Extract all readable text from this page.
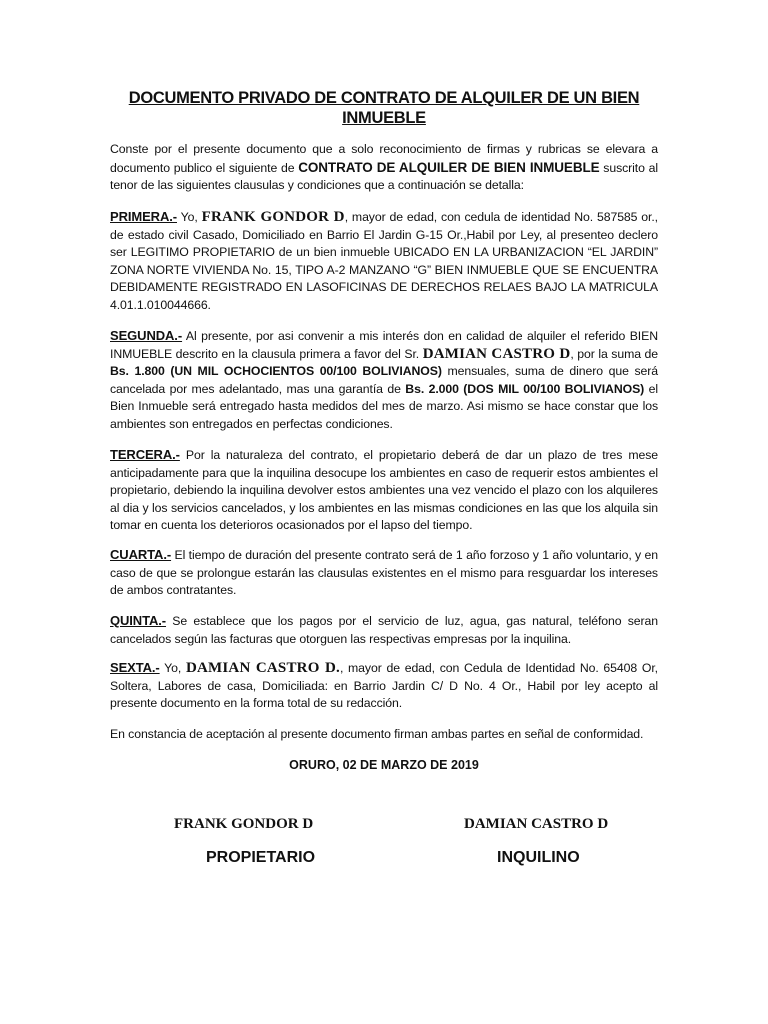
DOCUMENTO PRIVADO DE CONTRATO DE ALQUILER DE UN BIEN
INMUEBLE
Conste por el presente documento que a solo reconocimiento de firmas y rubricas se elevara a documento publico el siguiente de CONTRATO DE ALQUILER DE BIEN INMUEBLE suscrito al tenor de las siguientes clausulas y condiciones que a continuación se detalla:
PRIMERA.- Yo, FRANK GONDOR D, mayor de edad, con cedula de identidad No. 587585 or., de estado civil Casado, Domiciliado en Barrio El Jardin G-15 Or.,Habil por Ley, al presenteo declero ser LEGITIMO PROPIETARIO de un bien inmueble UBICADO EN LA URBANIZACION “EL JARDIN” ZONA NORTE VIVIENDA No. 15, TIPO A-2 MANZANO “G” BIEN INMUEBLE QUE SE ENCUENTRA DEBIDAMENTE REGISTRADO EN LASOFICINAS DE DERECHOS RELAES BAJO LA MATRICULA 4.01.1.010044666.
SEGUNDA.- Al presente, por asi convenir a mis interés don en calidad de alquiler el referido BIEN INMUEBLE descrito en la clausula primera a favor del Sr. DAMIAN CASTRO D, por la suma de Bs. 1.800 (UN MIL OCHOCIENTOS 00/100 BOLIVIANOS) mensuales, suma de dinero que será cancelada por mes adelantado, mas una garantía de Bs. 2.000 (DOS MIL 00/100 BOLIVIANOS) el Bien Inmueble será entregado hasta medidos del mes de marzo. Asi mismo se hace constar que los ambientes son entregados en perfectas condiciones.
TERCERA.- Por la naturaleza del contrato, el propietario deberá de dar un plazo de tres mese anticipadamente para que la inquilina desocupe los ambientes en caso de requerir estos ambientes el propietario, debiendo la inquilina devolver estos ambientes una vez vencido el plazo con los alquileres al dia y los servicios cancelados, y los ambientes en las mismas condiciones en las que los alquila sin tomar en cuenta los deterioros ocasionados por el lapso del tiempo.
CUARTA.- El tiempo de duración del presente contrato será de 1 año forzoso y 1 año voluntario, y en caso de que se prolongue estarán las clausulas existentes en el mismo para resguardar los intereses de ambos contratantes.
QUINTA.- Se establece que los pagos por el servicio de luz, agua, gas natural, teléfono seran cancelados según las facturas que otorguen las respectivas empresas por la inquilina.
SEXTA.- Yo, DAMIAN CASTRO D., mayor de edad, con Cedula de Identidad No. 65408 Or, Soltera, Labores de casa, Domiciliada: en Barrio Jardin C/ D No. 4 Or., Habil por ley acepto al presente documento en la forma total de su redacción.
En constancia de aceptación al presente documento firman ambas partes en señal de conformidad.
ORURO, 02 DE MARZO DE 2019
FRANK GONDOR D
PROPIETARIO
DAMIAN CASTRO D
INQUILINO
